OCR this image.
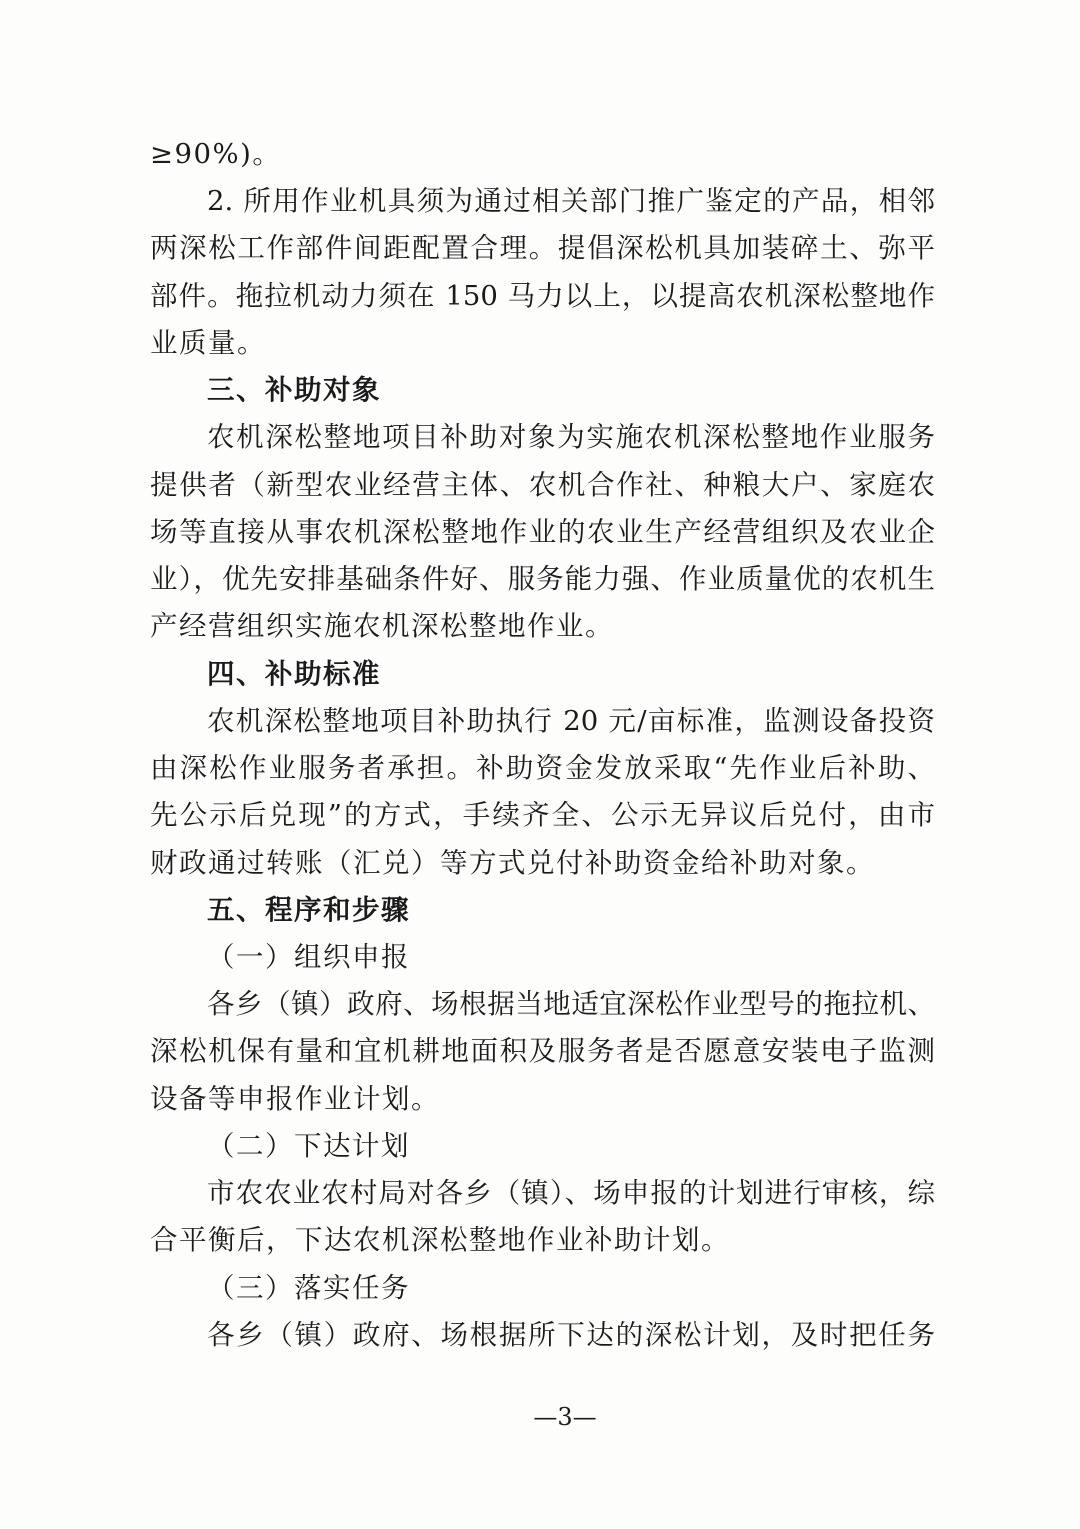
≥90%)。
2. 所用作业机具须为通过相关部门推广鉴定的产品，相邻
两深松工作部件间距配置合理。提倡深松机具加装碎土、弥平
部件。拖拉机动力须在 150 马力以上，以提高农机深松整地作
业质量。
三、补助对象
农机深松整地项目补助对象为实施农机深松整地作业服务
提供者（新型农业经营主体、农机合作社、种粮大户、家庭农
场等直接从事农机深松整地作业的农业生产经营组织及农业企
业），优先安排基础条件好、服务能力强、作业质量优的农机生
产经营组织实施农机深松整地作业。
四、补助标准
农机深松整地项目补助执行 20 元/亩标准，监测设备投资
由深松作业服务者承担。补助资金发放采取“先作业后补助、
先公示后兑现”的方式，手续齐全、公示无异议后兑付，由市
财政通过转账（汇兑）等方式兑付补助资金给补助对象。
五、程序和步骤
（一）组织申报
各乡（镇）政府、场根据当地适宜深松作业型号的拖拉机、
深松机保有量和宜机耕地面积及服务者是否愿意安装电子监测
设备等申报作业计划。
（二）下达计划
市农农业农村局对各乡（镇）、场申报的计划进行审核，综
合平衡后，下达农机深松整地作业补助计划。
（三）落实任务
各乡（镇）政府、场根据所下达的深松计划，及时把任务
—3—
